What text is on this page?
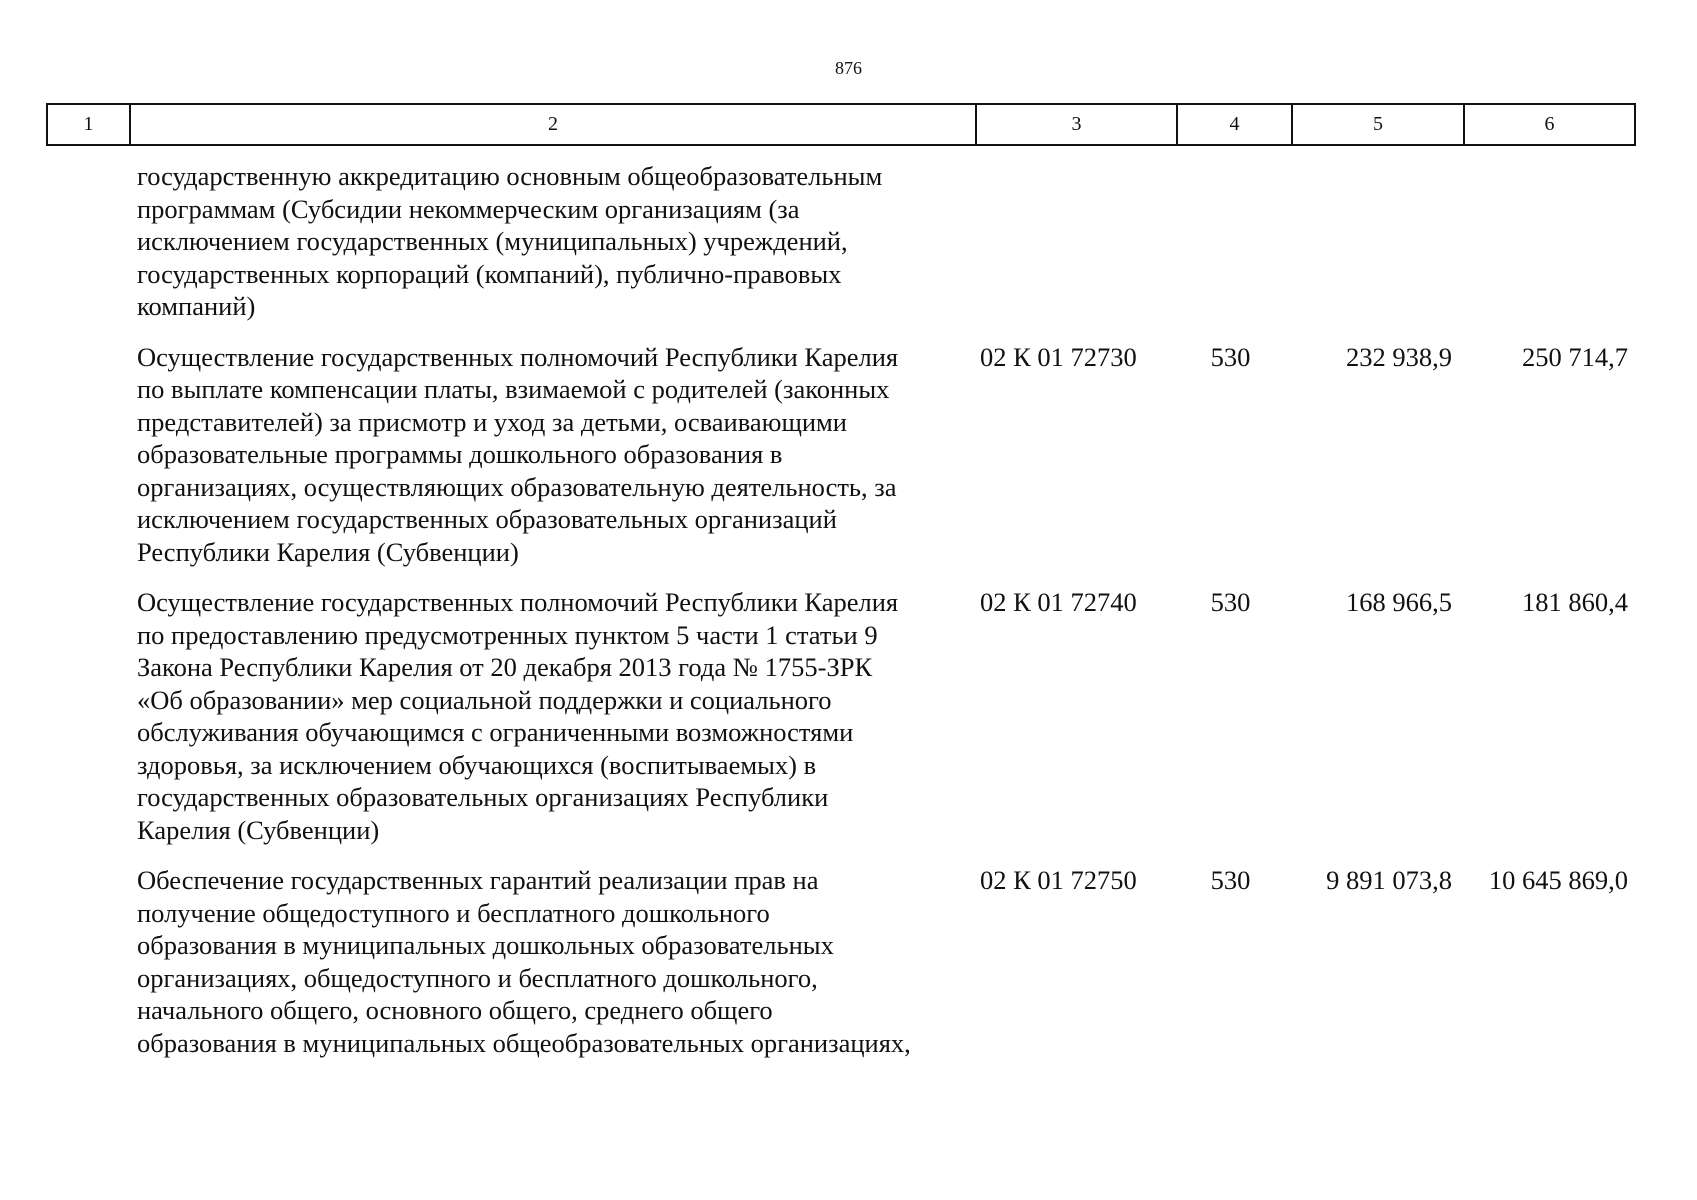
876
1	2	3	4	5	6
государственную аккредитацию основным общеобразовательным
программам (Субсидии некоммерческим организациям (за
исключением государственных (муниципальных) учреждений,
государственных корпораций (компаний), публично-правовых
компаний)
Осуществление государственных полномочий Республики Карелия
по выплате компенсации платы, взимаемой с родителей (законных
представителей) за присмотр и уход за детьми, осваивающими
образовательные программы дошкольного образования в
организациях, осуществляющих образовательную деятельность, за
исключением государственных образовательных организаций
Республики Карелия (Субвенции)
02 К 01 72730	530	232 938,9	250 714,7
Осуществление государственных полномочий Республики Карелия
по предоставлению предусмотренных пунктом 5 части 1 статьи 9
Закона Республики Карелия от 20 декабря 2013 года № 1755-ЗРК
«Об образовании» мер социальной поддержки и социального
обслуживания обучающимся с ограниченными возможностями
здоровья, за исключением обучающихся (воспитываемых) в
государственных образовательных организациях Республики
Карелия (Субвенции)
02 К 01 72740	530	168 966,5	181 860,4
Обеспечение государственных гарантий реализации прав на
получение общедоступного и бесплатного дошкольного
образования в муниципальных дошкольных образовательных
организациях, общедоступного и бесплатного дошкольного,
начального общего, основного общего, среднего общего
образования в муниципальных общеобразовательных организациях,
02 К 01 72750	530	9 891 073,8	10 645 869,0
